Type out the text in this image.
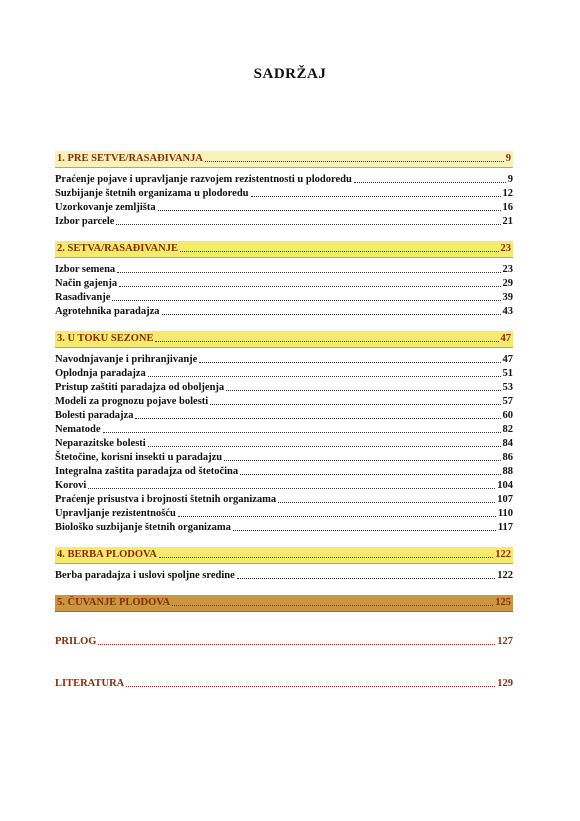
SADRŽAJ
1. PRE SETVE/RASAĐIVANJA	9
Praćenje pojave i upravljanje razvojem rezistentnosti u plodoredu	9
Suzbijanje štetnih organizama u plodoredu	12
Uzorkovanje zemljišta	16
Izbor parcele	21
2. SETVA/RASAĐIVANJE	23
Izbor semena	23
Način gajenja	29
Rasađivanje	39
Agrotehnika paradajza	43
3. U TOKU SEZONE	47
Navodnjavanje i prihranjivanje	47
Oplodnja paradajza	51
Pristup zaštiti paradajza od oboljenja	53
Modeli za prognozu pojave bolesti	57
Bolesti paradajza	60
Nematode	82
Neparazitske bolesti	84
Štetočine, korisni insekti u paradajzu	86
Integralna zaštita paradajza od štetočina	88
Korovi	104
Praćenje prisustva i brojnosti štetnih organizama	107
Upravljanje rezistentnošću	110
Biološko suzbijanje štetnih organizama	117
4. BERBA PLODOVA	122
Berba paradajza i uslovi spoljne sredine	122
5. ČUVANJE PLODOVA	125
PRILOG	127
LITERATURA	129
